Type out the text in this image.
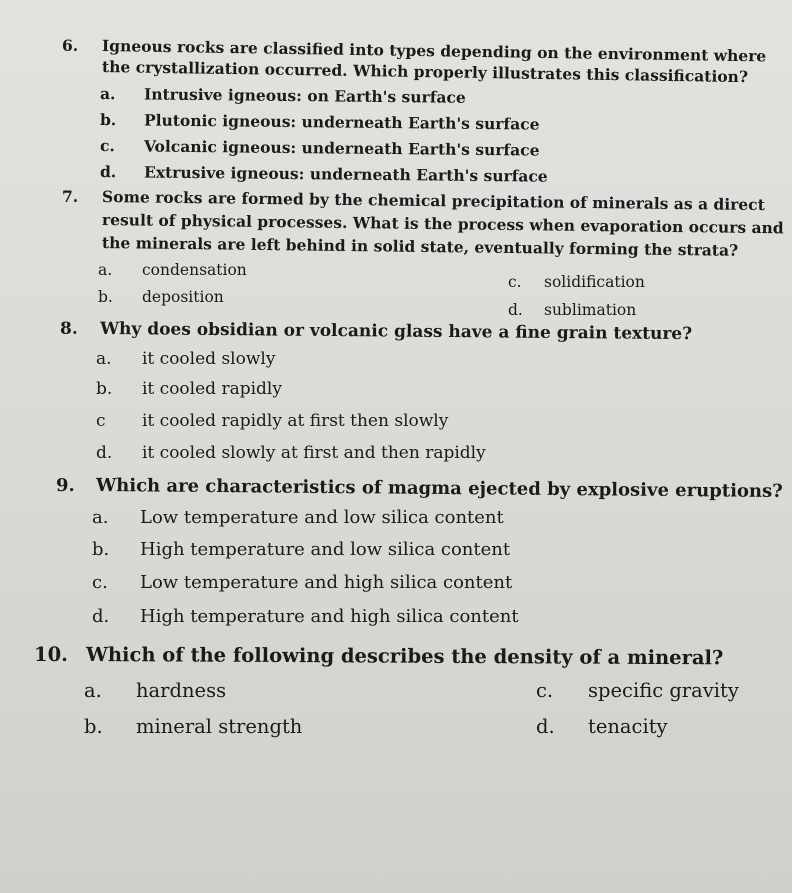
6. Igneous rocks are classified into types depending on the environment where
the crystallization occurred. Which properly illustrates this classification?
a. Intrusive igneous: on Earth's surface
b. Plutonic igneous: underneath Earth's surface
c. Volcanic igneous: underneath Earth's surface
d. Extrusive igneous: underneath Earth's surface
7. Some rocks are formed by the chemical precipitation of minerals as a direct
result of physical processes. What is the process when evaporation occurs and
the minerals are left behind in solid state, eventually forming the strata?
a. condensation
c. solidification
b. deposition
d. sublimation
8. Why does obsidian or volcanic glass have a fine grain texture?
a. it cooled slowly
b. it cooled rapidly
c it cooled rapidly at first then slowly
d. it cooled slowly at first and then rapidly
9. Which are characteristics of magma ejected by explosive eruptions?
a. Low temperature and low silica content
b. High temperature and low silica content
c. Low temperature and high silica content
d. High temperature and high silica content
10. Which of the following describes the density of a mineral?
a. hardness	c. specific gravity
b. mineral strength	d. tenacity
